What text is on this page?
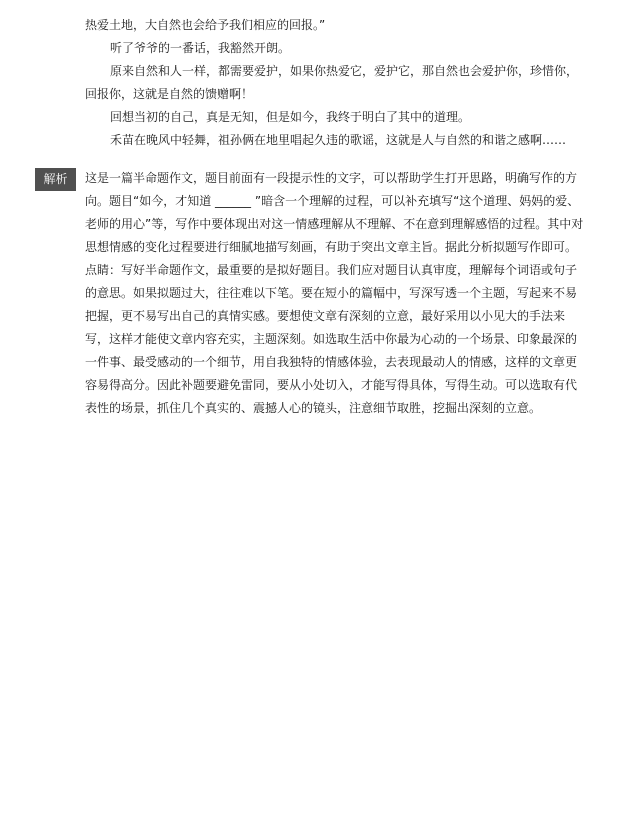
热爱土地，大自然也会给予我们相应的回报。”

听了爷爷的一番话，我豁然开朗。

原来自然和人一样，都需要爱护，如果你热爱它，爱护它，那自然也会爱护你，珍惜你，回报你，这就是自然的馈赠啊！

回想当初的自己，真是无知，但是如今，我终于明白了其中的道理。

禾苗在晚风中轻舞，祖孙俩在地里唱起久违的歌谣，这就是人与自然的和谐之感啊……

解析	这是一篇半命题作文，题目前面有一段提示性的文字，可以帮助学生打开思路，明确写作的方向。题目“如今，才知道 ______ ”暗含一个理解的过程，可以补充填写“这个道理、妈妈的爱、老师的用心”等，写作中要体现出对这一情感理解从不理解、不在意到理解感悟的过程。其中对思想情感的变化过程要进行细腻地描写刻画，有助于突出文章主旨。据此分析拟题写作即可。

点睛：写好半命题作文，最重要的是拟好题目。我们应对题目认真审度，理解每个词语或句子的意思。如果拟题过大，往往难以下笔。要在短小的篇幅中，写深写透一个主题，写起来不易把握，更不易写出自己的真情实感。要想使文章有深刻的立意，最好采用以小见大的手法来写，这样才能使文章内容充实，主题深刻。如选取生活中你最为心动的一个场景、印象最深的一件事、最受感动的一个细节，用自我独特的情感体验，去表现最动人的情感，这样的文章更容易得高分。因此补题要避免雷同，要从小处切入，才能写得具体，写得生动。可以选取有代表性的场景，抓住几个真实的、震撼人心的镜头，注意细节取胜，挖掘出深刻的立意。
